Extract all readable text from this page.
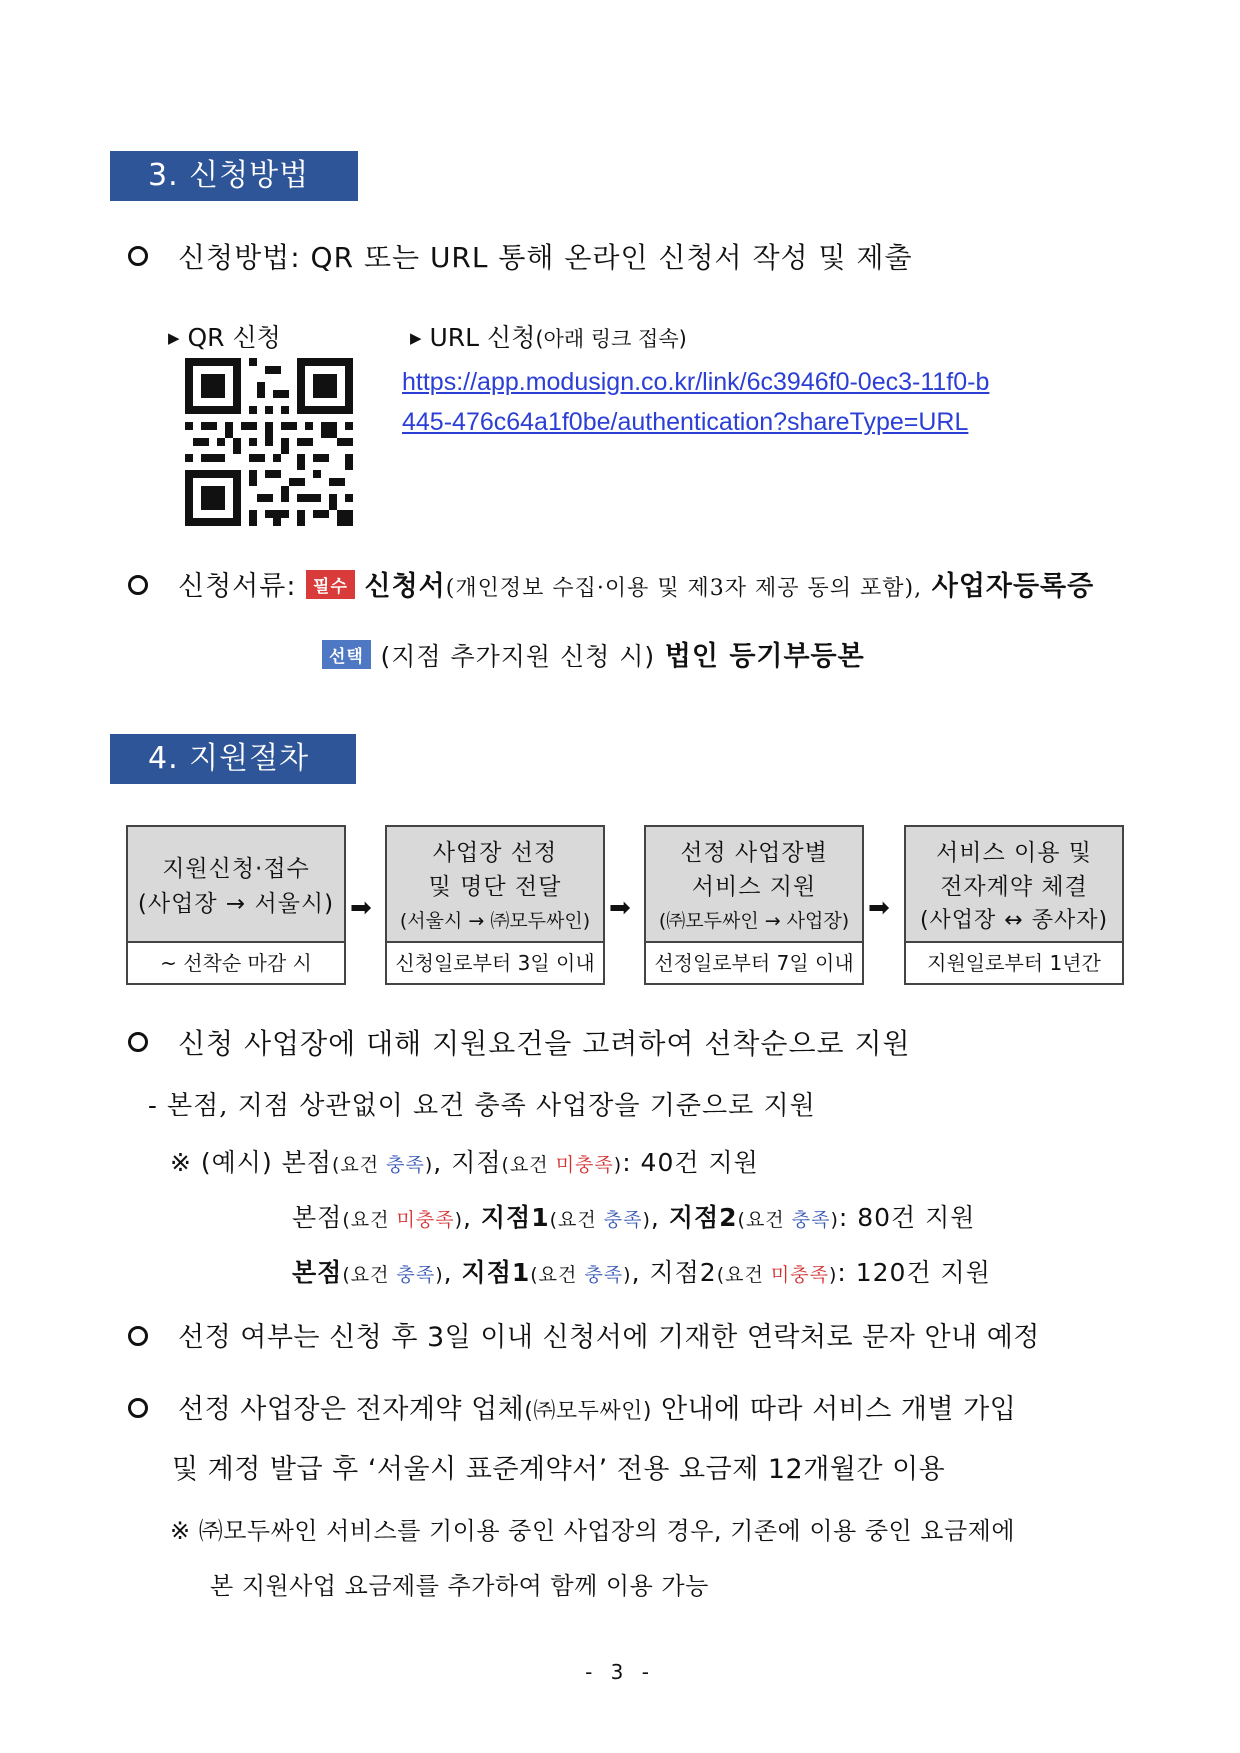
3. 신청방법
신청방법: QR 또는 URL 통해 온라인 신청서 작성 및 제출
▶ QR 신청	▶ URL 신청(아래 링크 접속)
https://app.modusign.co.kr/link/6c3946f0-0ec3-11f0-b
445-476c64a1f0be/authentication?shareType=URL
신청서류: 필수 신청서(개인정보 수집·이용 및 제3자 제공 동의 포함), 사업자등록증
선택 (지점 추가지원 신청 시) 법인 등기부등본
4. 지원절차
지원신청·접수
(사업장 → 서울시)
~ 선착순 마감 시
➡
사업장 선정
및 명단 전달
(서울시 → ㈜모두싸인)
신청일로부터 3일 이내
➡
선정 사업장별
서비스 지원
(㈜모두싸인 → 사업장)
선정일로부터 7일 이내
➡
서비스 이용 및
전자계약 체결
(사업장 ↔ 종사자)
지원일로부터 1년간
신청 사업장에 대해 지원요건을 고려하여 선착순으로 지원
- 본점, 지점 상관없이 요건 충족 사업장을 기준으로 지원
※ (예시) 본점(요건 충족), 지점(요건 미충족): 40건 지원
본점(요건 미충족), 지점1(요건 충족), 지점2(요건 충족): 80건 지원
본점(요건 충족), 지점1(요건 충족), 지점2(요건 미충족): 120건 지원
선정 여부는 신청 후 3일 이내 신청서에 기재한 연락처로 문자 안내 예정
선정 사업장은 전자계약 업체(㈜모두싸인) 안내에 따라 서비스 개별 가입
및 계정 발급 후 ‘서울시 표준계약서’ 전용 요금제 12개월간 이용
※ ㈜모두싸인 서비스를 기이용 중인 사업장의 경우, 기존에 이용 중인 요금제에
본 지원사업 요금제를 추가하여 함께 이용 가능
- 3 -
